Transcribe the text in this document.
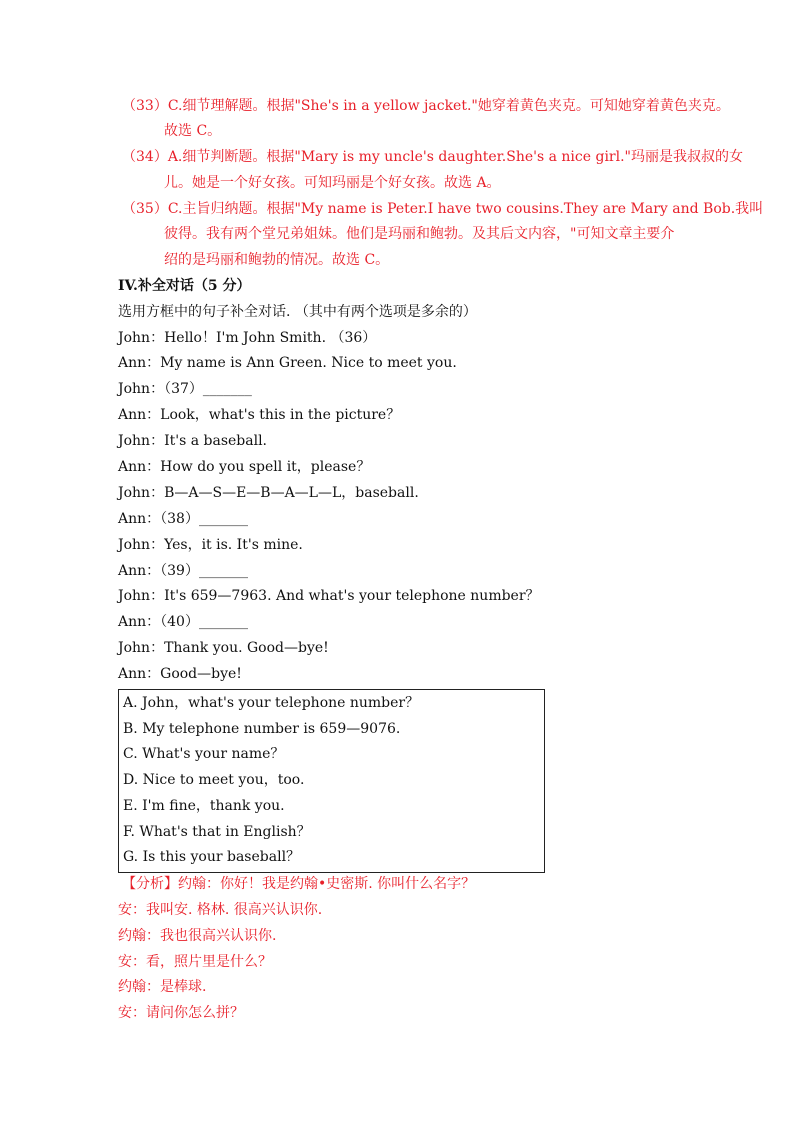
（33）C.细节理解题。根据"She's in a yellow jacket."她穿着黄色夹克。可知她穿着黄色夹克。
故选 C。
（34）A.细节判断题。根据"Mary is my uncle's daughter.She's a nice girl."玛丽是我叔叔的女
儿。她是一个好女孩。可知玛丽是个好女孩。故选 A。
（35）C.主旨归纳题。根据"My name is Peter.I have two cousins.They are Mary and Bob.我叫
彼得。我有两个堂兄弟姐妹。他们是玛丽和鲍勃。及其后文内容，"可知文章主要介
绍的是玛丽和鲍勃的情况。故选 C。
IV.补全对话（5 分）
选用方框中的句子补全对话. （其中有两个选项是多余的）
John：Hello！I'm John Smith. （36）
Ann：My name is Ann Green. Nice to meet you.
John：（37）_______
Ann：Look，what's this in the picture？
John：It's a baseball.
Ann：How do you spell it，please？
John：B—A—S—E—B—A—L—L，baseball.
Ann：（38）_______
John：Yes，it is. It's mine.
Ann：（39）_______
John：It's 659—7963. And what's your telephone number？
Ann：（40）_______
John：Thank you. Good—bye!
Ann：Good—bye!
A. John，what's your telephone number？
B. My telephone number is 659—9076.
C. What's your name？
D. Nice to meet you，too.
E. I'm fine，thank you.
F. What's that in English？
G. Is this your baseball？
【分析】约翰：你好！我是约翰•史密斯. 你叫什么名字？
安：我叫安. 格林. 很高兴认识你.
约翰：我也很高兴认识你.
安：看，照片里是什么？
约翰：是棒球.
安：请问你怎么拼？
